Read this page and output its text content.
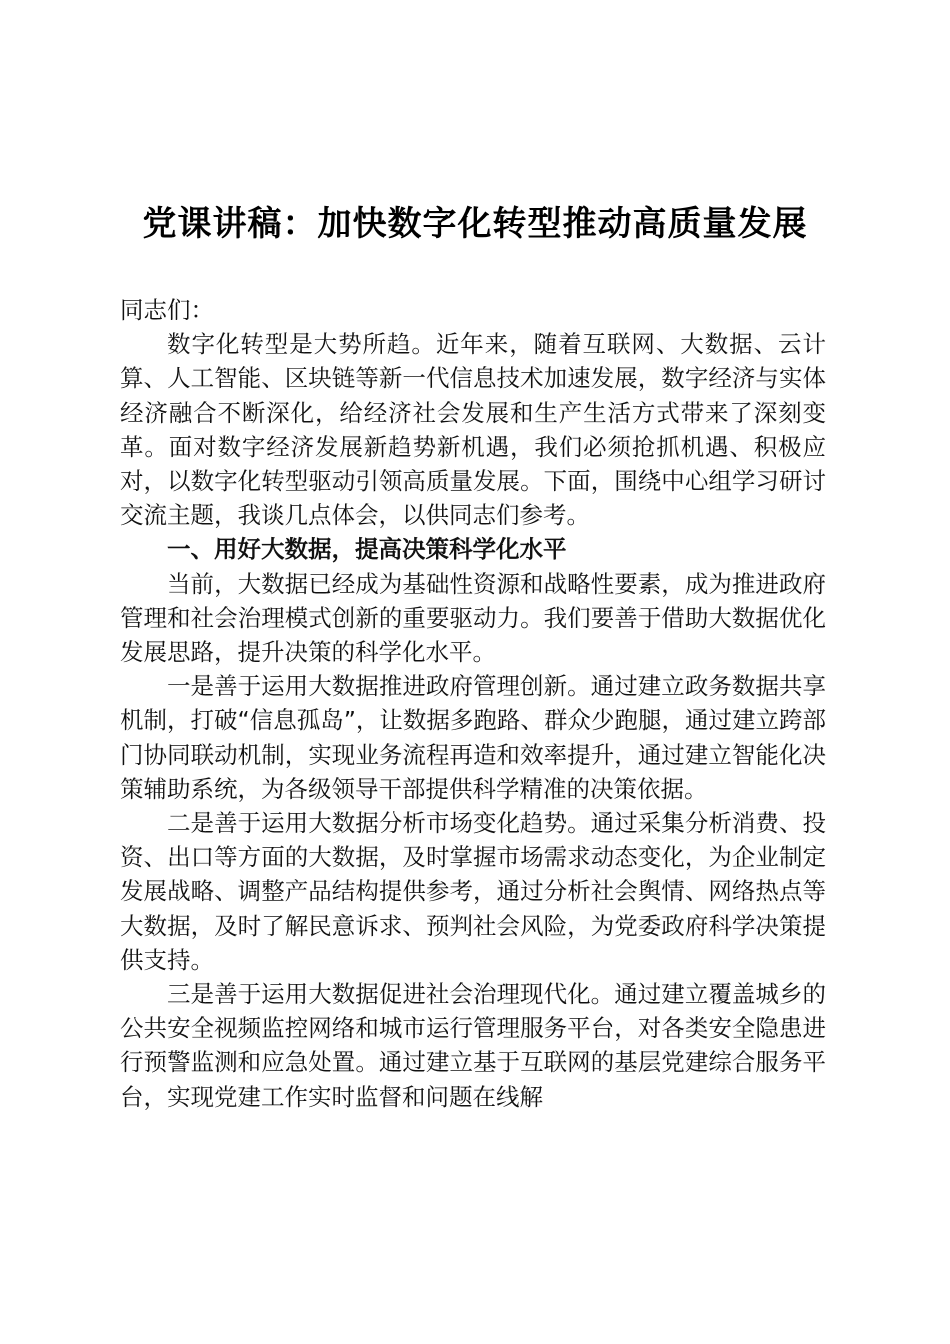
党课讲稿：加快数字化转型推动高质量发展

同志们：

数字化转型是大势所趋。近年来，随着互联网、大数据、云计算、人工智能、区块链等新一代信息技术加速发展，数字经济与实体经济融合不断深化，给经济社会发展和生产生活方式带来了深刻变革。面对数字经济发展新趋势新机遇，我们必须抢抓机遇、积极应对，以数字化转型驱动引领高质量发展。下面，围绕中心组学习研讨交流主题，我谈几点体会，以供同志们参考。

一、用好大数据，提高决策科学化水平

当前，大数据已经成为基础性资源和战略性要素，成为推进政府管理和社会治理模式创新的重要驱动力。我们要善于借助大数据优化发展思路，提升决策的科学化水平。

一是善于运用大数据推进政府管理创新。通过建立政务数据共享机制，打破“信息孤岛”，让数据多跑路、群众少跑腿，通过建立跨部门协同联动机制，实现业务流程再造和效率提升，通过建立智能化决策辅助系统，为各级领导干部提供科学精准的决策依据。

二是善于运用大数据分析市场变化趋势。通过采集分析消费、投资、出口等方面的大数据，及时掌握市场需求动态变化，为企业制定发展战略、调整产品结构提供参考，通过分析社会舆情、网络热点等大数据，及时了解民意诉求、预判社会风险，为党委政府科学决策提供支持。

三是善于运用大数据促进社会治理现代化。通过建立覆盖城乡的公共安全视频监控网络和城市运行管理服务平台，对各类安全隐患进行预警监测和应急处置。通过建立基于互联网的基层党建综合服务平台，实现党建工作实时监督和问题在线解
